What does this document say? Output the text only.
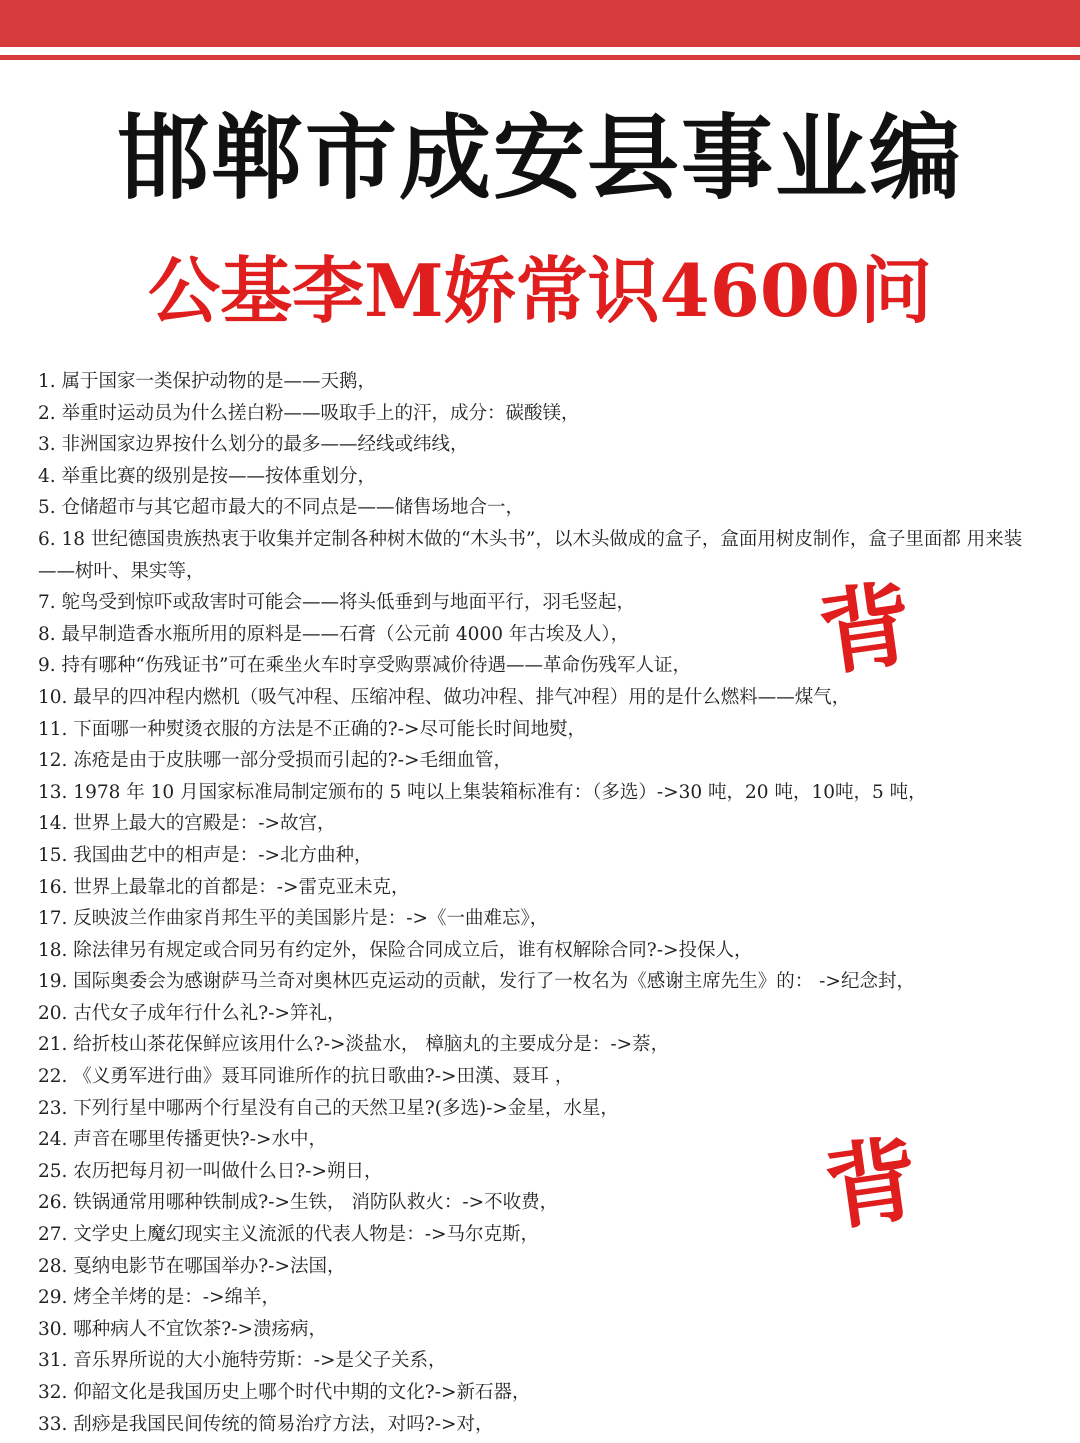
邯郸市成安县事业编
公基李M娇常识4600问
1. 属于国家一类保护动物的是——天鹅，
2. 举重时运动员为什么搓白粉——吸取手上的汗，成分：碳酸镁，
3. 非洲国家边界按什么划分的最多——经线或纬线，
4. 举重比赛的级别是按——按体重划分，
5. 仓储超市与其它超市最大的不同点是——储售场地合一，
6. 18 世纪德国贵族热衷于收集并定制各种树木做的“木头书”，以木头做成的盒子，盒面用树皮制作，盒子里面都 用来装——树叶、果实等，
7. 鸵鸟受到惊吓或敌害时可能会——将头低垂到与地面平行，羽毛竖起，
8. 最早制造香水瓶所用的原料是——石膏（公元前 4000 年古埃及人），
9. 持有哪种“伤残证书”可在乘坐火车时享受购票减价待遇——革命伤残军人证，
10. 最早的四冲程内燃机（吸气冲程、压缩冲程、做功冲程、排气冲程）用的是什么燃料——煤气，
11. 下面哪一种熨烫衣服的方法是不正确的?->尽可能长时间地熨，
12. 冻疮是由于皮肤哪一部分受损而引起的?->毛细血管，
13. 1978 年 10 月国家标准局制定颁布的 5 吨以上集装箱标准有：（多选）->30 吨，20 吨，10吨，5 吨，
14. 世界上最大的宫殿是：->故宫，
15. 我国曲艺中的相声是：->北方曲种，
16. 世界上最靠北的首都是：->雷克亚未克，
17. 反映波兰作曲家肖邦生平的美国影片是：->《一曲难忘》，
18. 除法律另有规定或合同另有约定外，保险合同成立后，谁有权解除合同?->投保人，
19. 国际奥委会为感谢萨马兰奇对奥林匹克运动的贡献，发行了一枚名为《感谢主席先生》的： ->纪念封，
20. 古代女子成年行什么礼?->笄礼，
21. 给折枝山茶花保鲜应该用什么?->淡盐水， 樟脑丸的主要成分是：->萘，
22. 《义勇军进行曲》聂耳同谁所作的抗日歌曲?->田漢、聂耳 ，
23. 下列行星中哪两个行星没有自己的天然卫星?(多选)->金星，水星，
24. 声音在哪里传播更快?->水中，
25. 农历把每月初一叫做什么日?->朔日，
26. 铁锅通常用哪种铁制成?->生铁， 消防队救火：->不收费，
27. 文学史上魔幻现实主义流派的代表人物是：->马尔克斯，
28. 戛纳电影节在哪国举办?->法国，
29. 烤全羊烤的是：->绵羊，
30. 哪种病人不宜饮茶?->溃疡病，
31. 音乐界所说的大小施特劳斯：->是父子关系，
32. 仰韶文化是我国历史上哪个时代中期的文化?->新石器，
33. 刮痧是我国民间传统的简易治疗方法，对吗?->对，
背
背
